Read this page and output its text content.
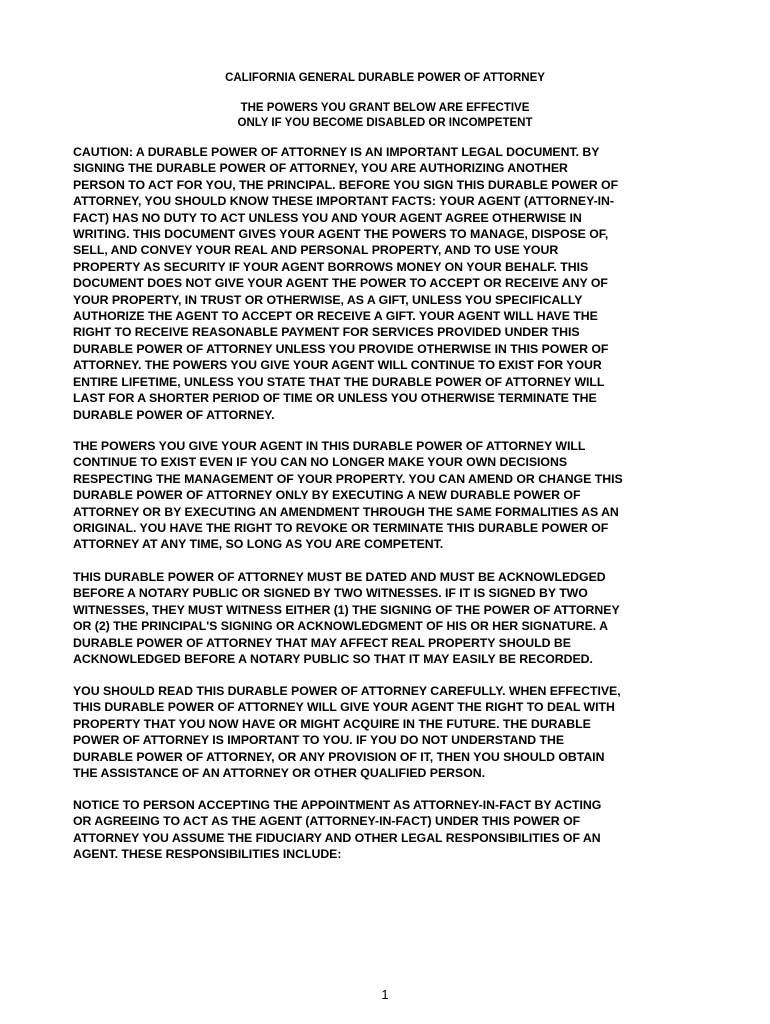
CALIFORNIA GENERAL DURABLE POWER OF ATTORNEY
THE POWERS YOU GRANT BELOW ARE EFFECTIVE
ONLY IF YOU BECOME DISABLED OR INCOMPETENT
CAUTION: A DURABLE POWER OF ATTORNEY IS AN IMPORTANT LEGAL DOCUMENT. BY
SIGNING THE DURABLE POWER OF ATTORNEY, YOU ARE AUTHORIZING ANOTHER
PERSON TO ACT FOR YOU, THE PRINCIPAL. BEFORE YOU SIGN THIS DURABLE POWER OF
ATTORNEY, YOU SHOULD KNOW THESE IMPORTANT FACTS: YOUR AGENT (ATTORNEY-IN-
FACT) HAS NO DUTY TO ACT UNLESS YOU AND YOUR AGENT AGREE OTHERWISE IN
WRITING. THIS DOCUMENT GIVES YOUR AGENT THE POWERS TO MANAGE, DISPOSE OF,
SELL, AND CONVEY YOUR REAL AND PERSONAL PROPERTY, AND TO USE YOUR
PROPERTY AS SECURITY IF YOUR AGENT BORROWS MONEY ON YOUR BEHALF. THIS
DOCUMENT DOES NOT GIVE YOUR AGENT THE POWER TO ACCEPT OR RECEIVE ANY OF
YOUR PROPERTY, IN TRUST OR OTHERWISE, AS A GIFT, UNLESS YOU SPECIFICALLY
AUTHORIZE THE AGENT TO ACCEPT OR RECEIVE A GIFT. YOUR AGENT WILL HAVE THE
RIGHT TO RECEIVE REASONABLE PAYMENT FOR SERVICES PROVIDED UNDER THIS
DURABLE POWER OF ATTORNEY UNLESS YOU PROVIDE OTHERWISE IN THIS POWER OF
ATTORNEY. THE POWERS YOU GIVE YOUR AGENT WILL CONTINUE TO EXIST FOR YOUR
ENTIRE LIFETIME, UNLESS YOU STATE THAT THE DURABLE POWER OF ATTORNEY WILL
LAST FOR A SHORTER PERIOD OF TIME OR UNLESS YOU OTHERWISE TERMINATE THE
DURABLE POWER OF ATTORNEY.
THE POWERS YOU GIVE YOUR AGENT IN THIS DURABLE POWER OF ATTORNEY WILL
CONTINUE TO EXIST EVEN IF YOU CAN NO LONGER MAKE YOUR OWN DECISIONS
RESPECTING THE MANAGEMENT OF YOUR PROPERTY. YOU CAN AMEND OR CHANGE THIS
DURABLE POWER OF ATTORNEY ONLY BY EXECUTING A NEW DURABLE POWER OF
ATTORNEY OR BY EXECUTING AN AMENDMENT THROUGH THE SAME FORMALITIES AS AN
ORIGINAL. YOU HAVE THE RIGHT TO REVOKE OR TERMINATE THIS DURABLE POWER OF
ATTORNEY AT ANY TIME, SO LONG AS YOU ARE COMPETENT.
THIS DURABLE POWER OF ATTORNEY MUST BE DATED AND MUST BE ACKNOWLEDGED
BEFORE A NOTARY PUBLIC OR SIGNED BY TWO WITNESSES. IF IT IS SIGNED BY TWO
WITNESSES, THEY MUST WITNESS EITHER (1) THE SIGNING OF THE POWER OF ATTORNEY
OR (2) THE PRINCIPAL'S SIGNING OR ACKNOWLEDGMENT OF HIS OR HER SIGNATURE. A
DURABLE POWER OF ATTORNEY THAT MAY AFFECT REAL PROPERTY SHOULD BE
ACKNOWLEDGED BEFORE A NOTARY PUBLIC SO THAT IT MAY EASILY BE RECORDED.
YOU SHOULD READ THIS DURABLE POWER OF ATTORNEY CAREFULLY. WHEN EFFECTIVE,
THIS DURABLE POWER OF ATTORNEY WILL GIVE YOUR AGENT THE RIGHT TO DEAL WITH
PROPERTY THAT YOU NOW HAVE OR MIGHT ACQUIRE IN THE FUTURE. THE DURABLE
POWER OF ATTORNEY IS IMPORTANT TO YOU. IF YOU DO NOT UNDERSTAND THE
DURABLE POWER OF ATTORNEY, OR ANY PROVISION OF IT, THEN YOU SHOULD OBTAIN
THE ASSISTANCE OF AN ATTORNEY OR OTHER QUALIFIED PERSON.
NOTICE TO PERSON ACCEPTING THE APPOINTMENT AS ATTORNEY-IN-FACT BY ACTING
OR AGREEING TO ACT AS THE AGENT (ATTORNEY-IN-FACT) UNDER THIS POWER OF
ATTORNEY YOU ASSUME THE FIDUCIARY AND OTHER LEGAL RESPONSIBILITIES OF AN
AGENT. THESE RESPONSIBILITIES INCLUDE:
1
